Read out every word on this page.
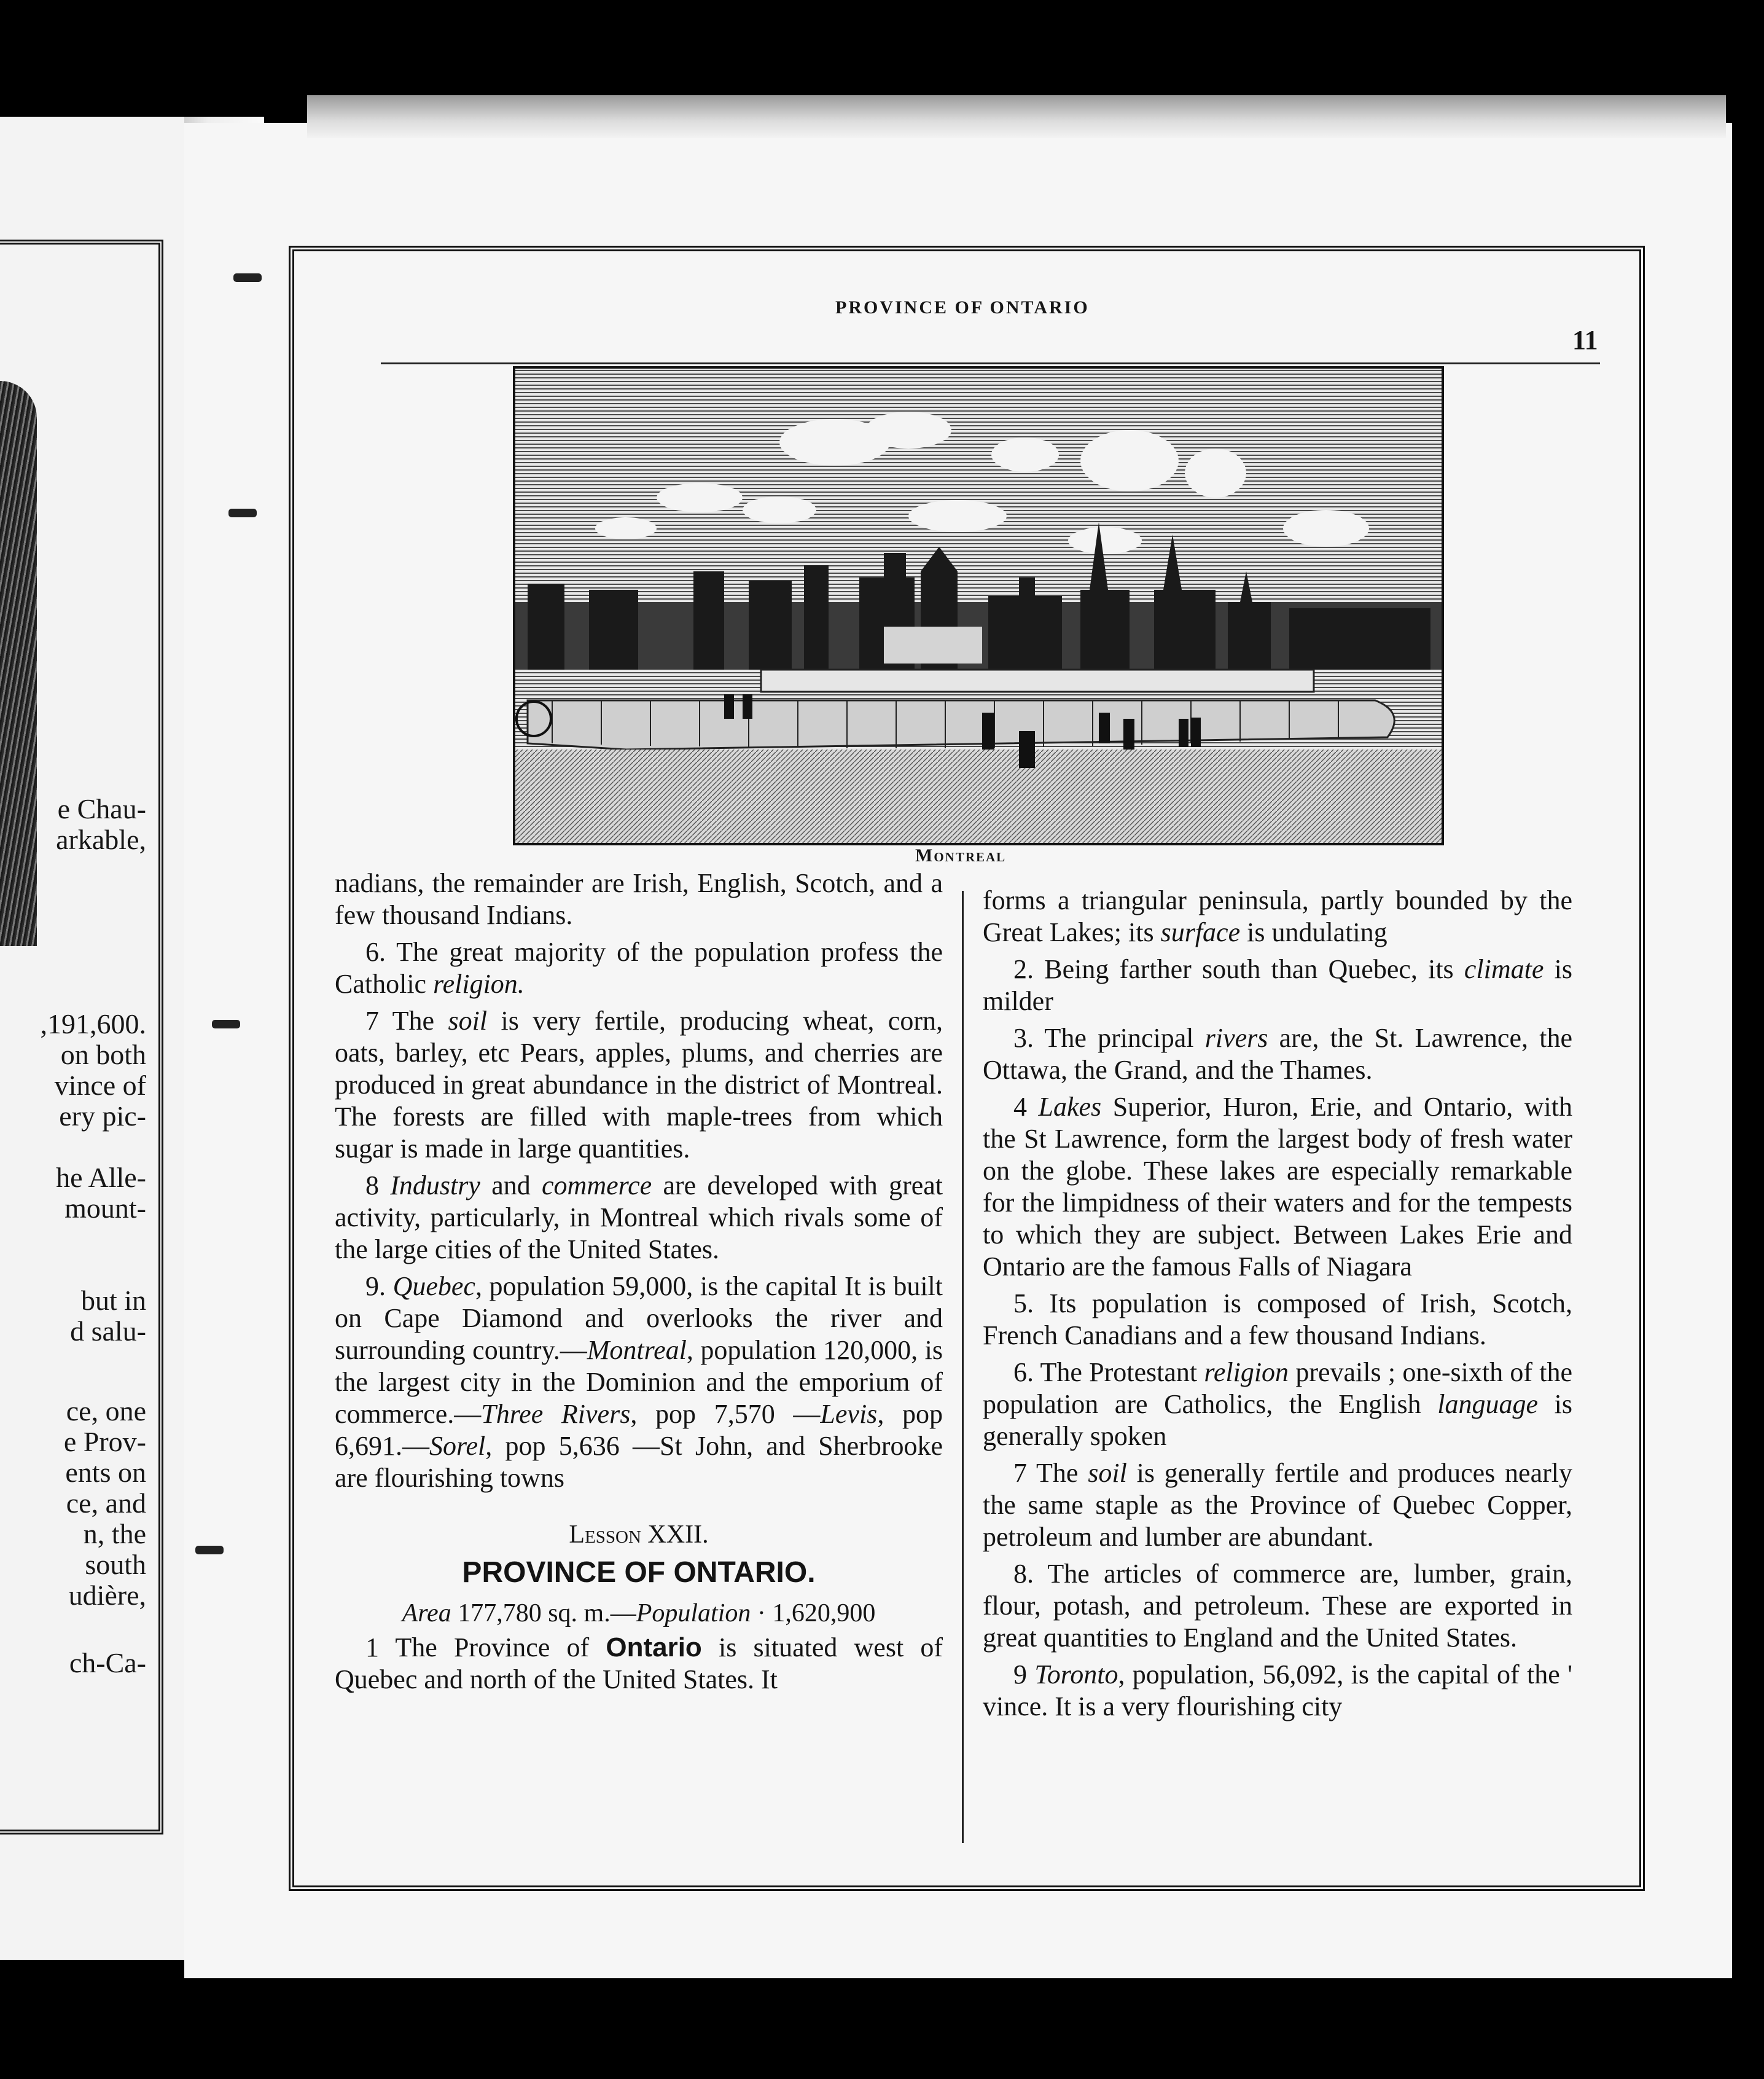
e Chau-
arkable,
,191,600.
on both
vince of
ery pic-
he Alle-
mount-
but in
d salu-
ce, one
e Prov-
ents on
ce, and
n, the
south
udière,
ch-Ca-
PROVINCE OF ONTARIO
11
Montreal

nadians, the remainder are Irish, English, Scotch, and a few thousand Indians.

6. The great majority of the population profess the Catholic religion.

7 The soil is very fertile, producing wheat, corn, oats, barley, etc Pears, apples, plums, and cherries are produced in great abundance in the district of Montreal. The forests are filled with maple-trees from which sugar is made in large quantities.

8 Industry and commerce are developed with great activity, particularly, in Montreal which rivals some of the large cities of the United States.

9. Quebec, population 59,000, is the capital It is built on Cape Diamond and overlooks the river and surrounding country.—Montreal, population 120,000, is the largest city in the Dominion and the emporium of commerce.—Three Rivers, pop 7,570 —Levis, pop 6,691.—Sorel, pop 5,636 —St John, and Sherbrooke are flourishing towns

Lesson XXII.
PROVINCE OF ONTARIO.
Area 177,780 sq. m.—Population · 1,620,900

1 The Province of Ontario is situated west of Quebec and north of the United States. It

forms a triangular peninsula, partly bounded by the Great Lakes; its surface is undulating

2. Being farther south than Quebec, its climate is milder

3. The principal rivers are, the St. Lawrence, the Ottawa, the Grand, and the Thames.

4 Lakes Superior, Huron, Erie, and Ontario, with the St Lawrence, form the largest body of fresh water on the globe. These lakes are especially remarkable for the limpidness of their waters and for the tempests to which they are subject. Between Lakes Erie and Ontario are the famous Falls of Niagara

5. Its population is composed of Irish, Scotch, French Canadians and a few thousand Indians.

6. The Protestant religion prevails ; one-sixth of the population are Catholics, the English language is generally spoken

7 The soil is generally fertile and produces nearly the same staple as the Province of Quebec Copper, petroleum and lumber are abundant.

8. The articles of commerce are, lumber, grain, flour, potash, and petroleum. These are exported in great quantities to England and the United States.

9 Toronto, population, 56,092, is the capital of the ' vince. It is a very flourishing city
